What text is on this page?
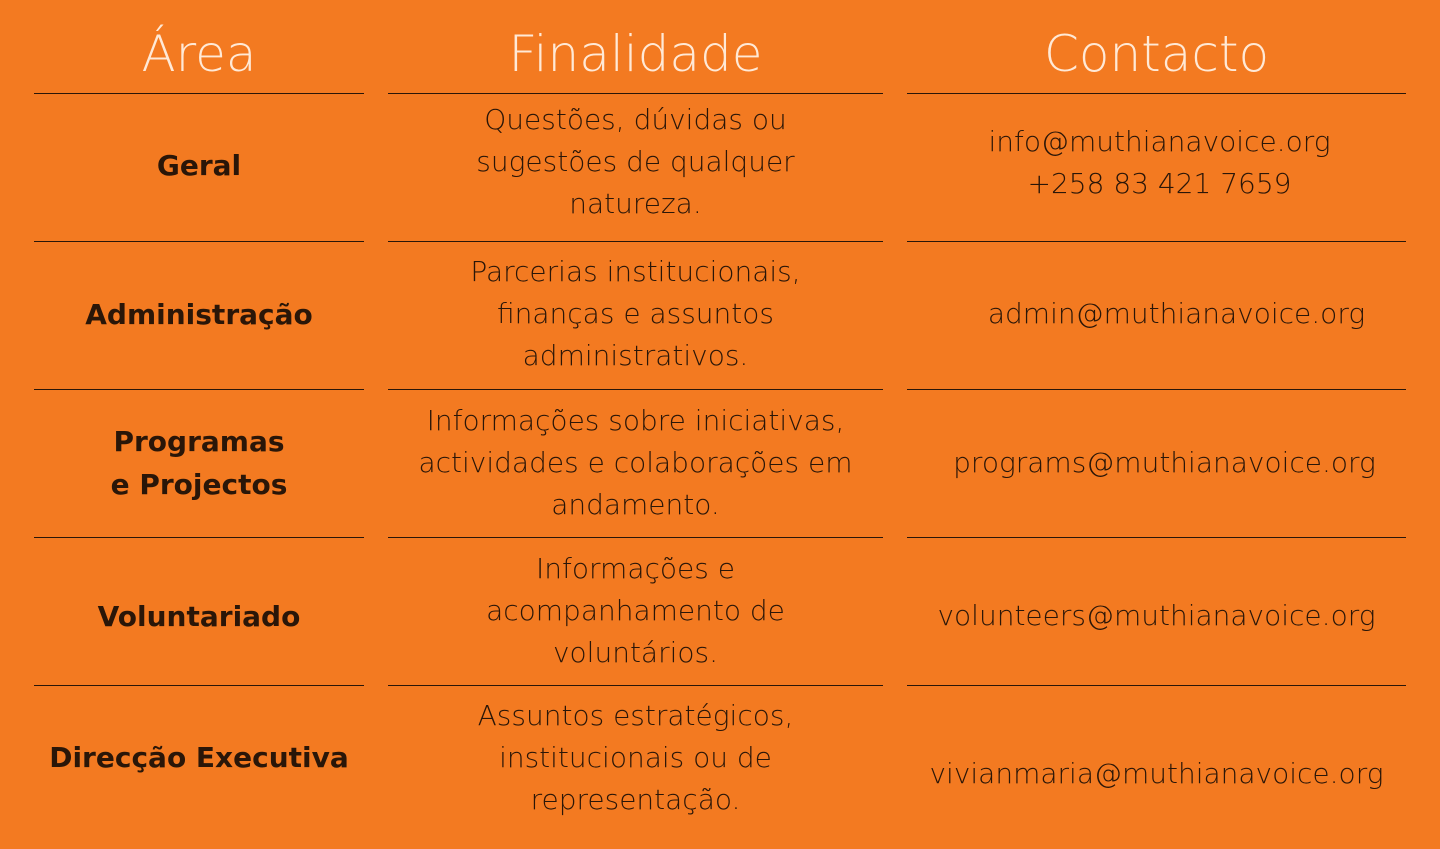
Área
Geral
Administração
Programas
e Projectos
Voluntariado
Direcção Executiva
Finalidade
Questões, dúvidas ou sugestões de qualquer natureza.
Parcerias institucionais, finanças e assuntos administrativos.
Informações sobre iniciativas, actividades e colaborações em andamento.
Informações e acompanhamento de voluntários.
Assuntos estratégicos, institucionais ou de representação.
Contacto
info@muthianavoice.org
+258 83 421 7659
admin@muthianavoice.org
programs@muthianavoice.org
volunteers@muthianavoice.org
vivianmaria@muthianavoice.org
